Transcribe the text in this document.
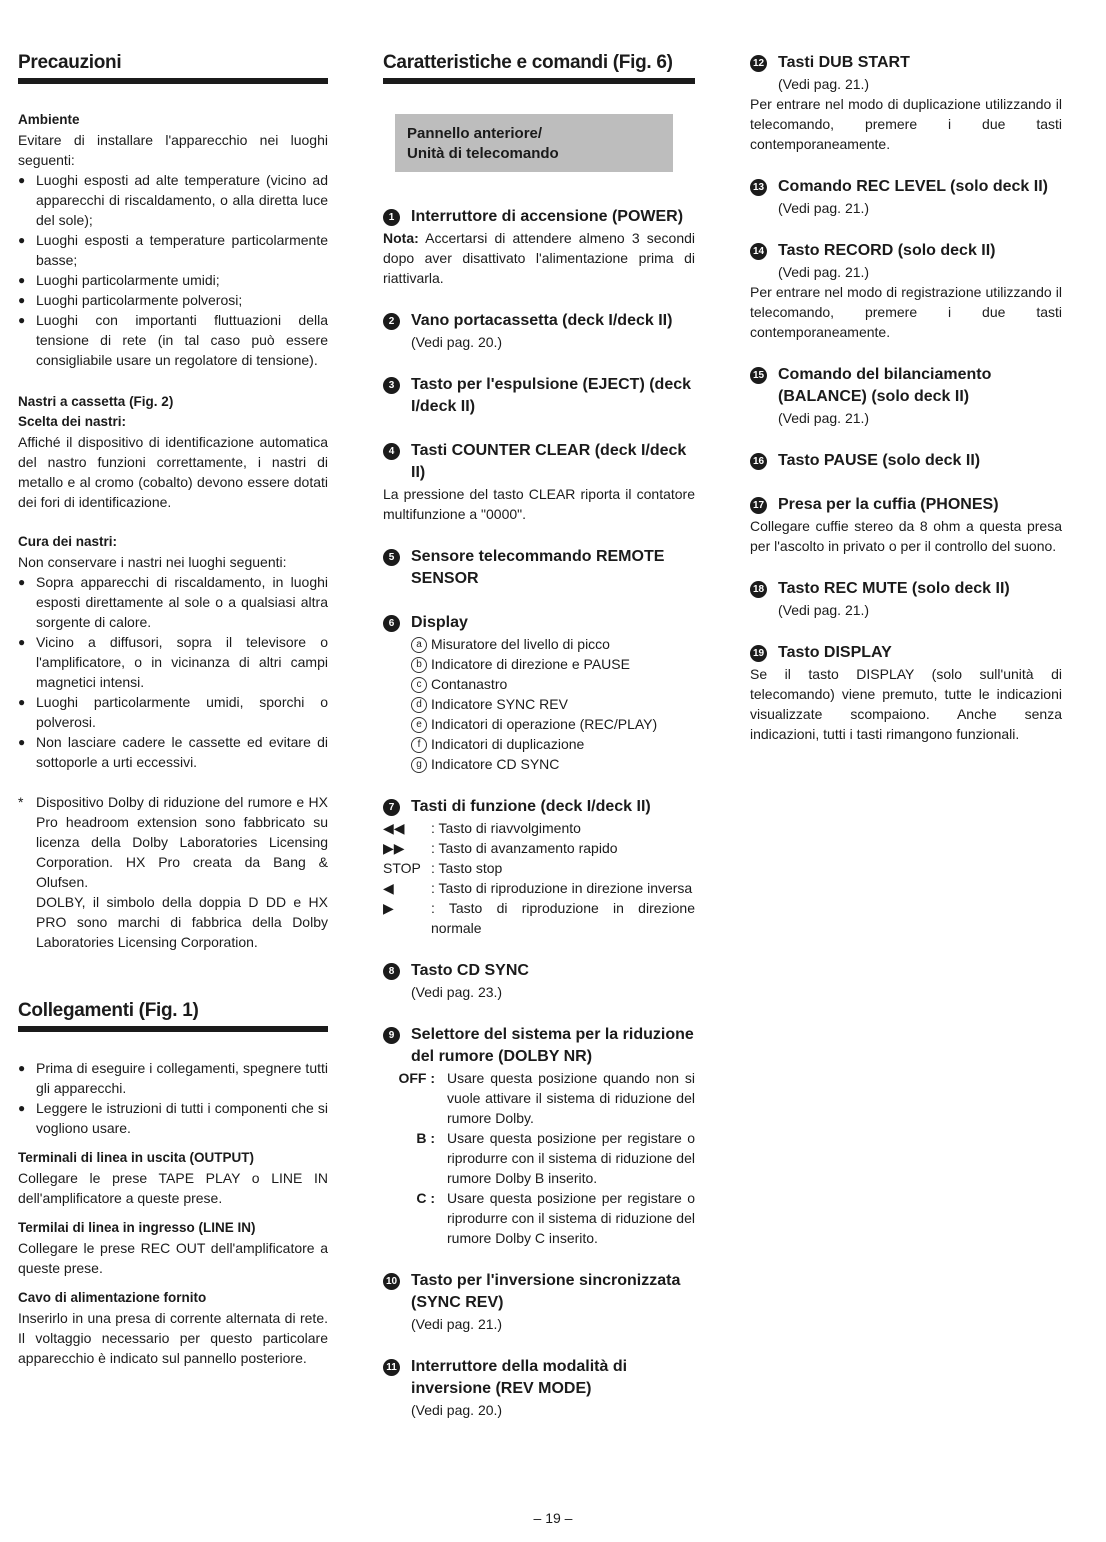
Precauzioni
Ambiente

Evitare di installare l'apparecchio nei luoghi seguenti:

● Luoghi esposti ad alte temperature (vicino ad apparecchi di riscaldamento, o alla diretta luce del sole);
● Luoghi esposti a temperature particolarmente basse;
● Luoghi particolarmente umidi;
● Luoghi particolarmente polverosi;
● Luoghi con importanti fluttuazioni della tensione di rete (in tal caso può essere consigliabile usare un regolatore di tensione).
Nastri a cassetta (Fig. 2)
Scelta dei nastri:

Affiché il dispositivo di identificazione automatica del nastro funzioni correttamente, i nastri di metallo e al cromo (cobalto) devono essere dotati dei fori di identificazione.

Cura dei nastri:

Non conservare i nastri nei luoghi seguenti:

● Sopra apparecchi di riscaldamento, in luoghi esposti direttamente al sole o a qualsiasi altra sorgente di calore.
● Vicino a diffusori, sopra il televisore o l'amplificatore, o in vicinanza di altri campi magnetici intensi.
● Luoghi particolarmente umidi, sporchi o polverosi.
● Non lasciare cadere le cassette ed evitare di sottoporle a urti eccessivi.
* Dispositivo Dolby di riduzione del rumore e HX Pro headroom extension sono fabbricato su licenza della Dolby Laboratories Licensing Corporation. HX Pro creata da Bang & Olufsen.
DOLBY, il simbolo della doppia D DD e HX PRO sono marchi di fabbrica della Dolby Laboratories Licensing Corporation.
Collegamenti (Fig. 1)
● Prima di eseguire i collegamenti, spegnere tutti gli apparecchi.
● Leggere le istruzioni di tutti i componenti che si vogliono usare.
Terminali di linea in uscita (OUTPUT)

Collegare le prese TAPE PLAY o LINE IN dell'amplificatore a queste prese.

Termilai di linea in ingresso (LINE IN)

Collegare le prese REC OUT dell'amplificatore a queste prese.

Cavo di alimentazione fornito

Inserirlo in una presa di corrente alternata di rete. Il voltaggio necessario per questo particolare apparecchio è indicato sul pannello posteriore.

Caratteristiche e comandi (Fig. 6)
Pannello anteriore/
Unità di telecomando
1	Interruttore di accensione (POWER)

Nota: Accertarsi di attendere almeno 3 secondi dopo aver disattivato l'alimentazione prima di riattivarla.

2	Vano portacassetta (deck I/deck II)
(Vedi pag. 20.)
3	Tasto per l'espulsione (EJECT) (deck I/deck II)
4	Tasti COUNTER CLEAR (deck I/deck II)

La pressione del tasto CLEAR riporta il contatore multifunzione a "0000".

5	Sensore telecommando REMOTE SENSOR
6	Display
a Misuratore del livello di picco
b Indicatore di direzione e PAUSE
c Contanastro
d Indicatore SYNC REV
e Indicatori di operazione (REC/PLAY)
f Indicatori di duplicazione
g Indicatore CD SYNC
7	Tasti di funzione (deck I/deck II)
◀◀	: Tasto di riavvolgimento
▶▶	: Tasto di avanzamento rapido
STOP : Tasto stop
◀	: Tasto di riproduzione in direzione inversa
▶	: Tasto di riproduzione in direzione normale
8	Tasto CD SYNC
(Vedi pag. 23.)
9	Selettore del sistema per la riduzione del rumore (DOLBY NR)
OFF : Usare questa posizione quando non si vuole attivare il sistema di riduzione del rumore Dolby.
B : Usare questa posizione per registare o riprodurre con il sistema di riduzione del rumore Dolby B inserito.
C : Usare questa posizione per registare o riprodurre con il sistema di riduzione del rumore Dolby C inserito.
10 Tasto per l'inversione sincronizzata (SYNC REV)
(Vedi pag. 21.)
11 Interruttore della modalità di inversione (REV MODE)
(Vedi pag. 20.)
12 Tasti DUB START
(Vedi pag. 21.)

Per entrare nel modo di duplicazione utilizzando il telecomando, premere i due tasti contemporaneamente.

13 Comando REC LEVEL (solo deck II)
(Vedi pag. 21.)
14 Tasto RECORD (solo deck II)
(Vedi pag. 21.)

Per entrare nel modo di registrazione utilizzando il telecomando, premere i due tasti contemporaneamente.

15 Comando del bilanciamento (BALANCE) (solo deck II)
(Vedi pag. 21.)
16 Tasto PAUSE (solo deck II)
17 Presa per la cuffia (PHONES)

Collegare cuffie stereo da 8 ohm a questa presa per l'ascolto in privato o per il controllo del suono.

18 Tasto REC MUTE (solo deck II)
(Vedi pag. 21.)
19 Tasto DISPLAY

Se il tasto DISPLAY (solo sull'unità di telecomando) viene premuto, tutte le indicazioni visualizzate scompaiono. Anche senza indicazioni, tutti i tasti rimangono funzionali.

– 19 –
